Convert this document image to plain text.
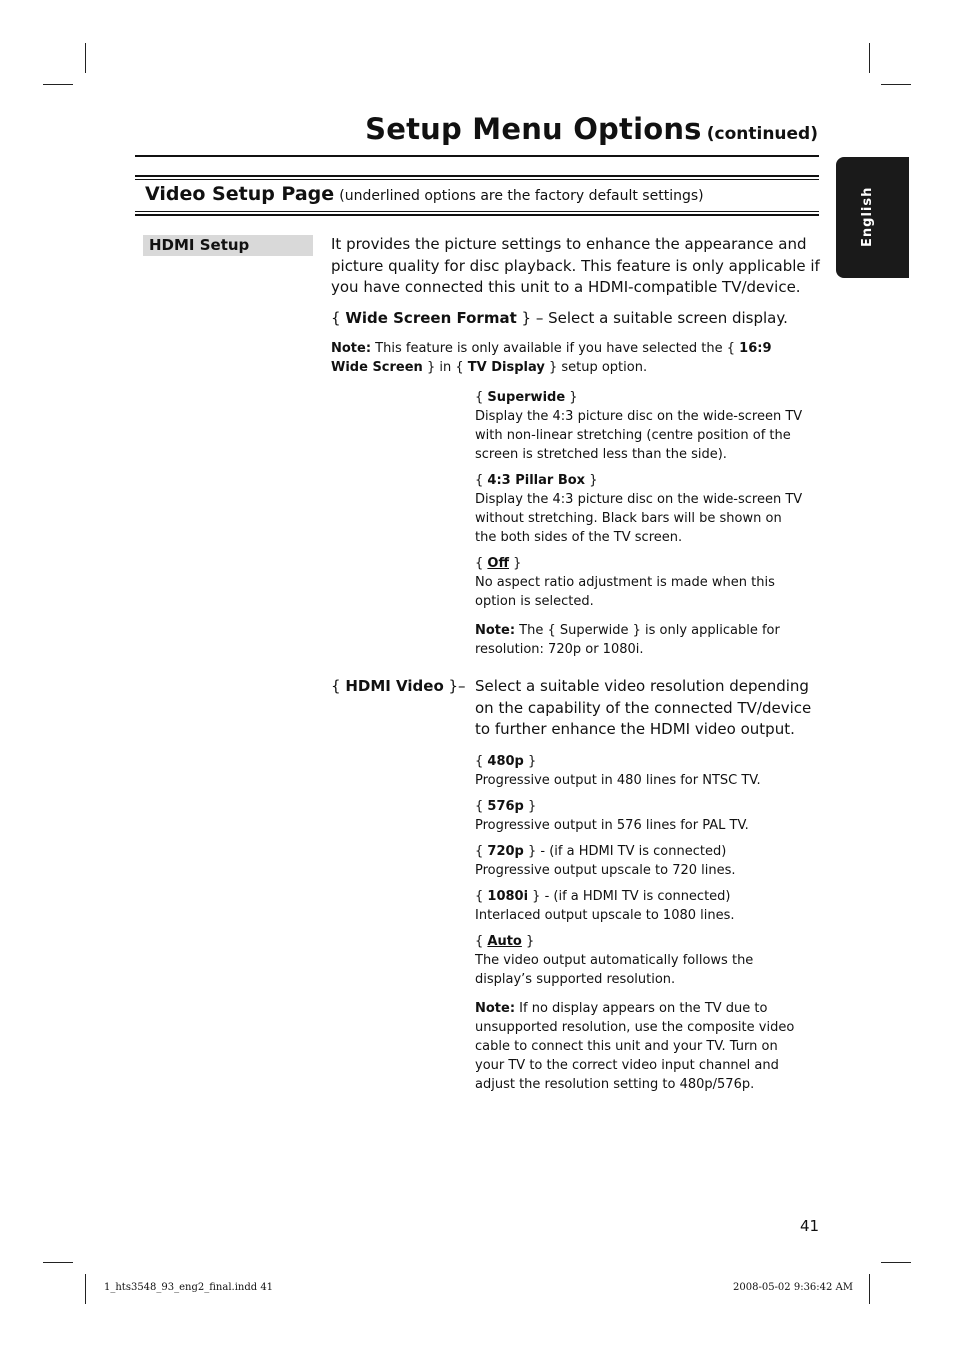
Setup Menu Options (continued)
Video Setup Page (underlined options are the factory default settings)	English
HDMI Setup	It provides the picture settings to enhance the appearance and
picture quality for disc playback. This feature is only applicable if
you have connected this unit to a HDMI-compatible TV/device.
{ Wide Screen Format } – Select a suitable screen display.
Note: This feature is only available if you have selected the { 16:9
Wide Screen } in { TV Display } setup option.
{ Superwide }
Display the 4:3 picture disc on the wide-screen TV
with non-linear stretching (centre position of the
screen is stretched less than the side).
{ 4:3 Pillar Box }
Display the 4:3 picture disc on the wide-screen TV
without stretching. Black bars will be shown on
the both sides of the TV screen.
{ Off }
No aspect ratio adjustment is made when this
option is selected.
Note: The { Superwide } is only applicable for
resolution: 720p or 1080i.
{ HDMI Video }– Select a suitable video resolution depending
on the capability of the connected TV/device
to further enhance the HDMI video output.
{ 480p }
Progressive output in 480 lines for NTSC TV.
{ 576p }
Progressive output in 576 lines for PAL TV.
{ 720p } - (if a HDMI TV is connected)
Progressive output upscale to 720 lines.
{ 1080i } - (if a HDMI TV is connected)
Interlaced output upscale to 1080 lines.
{ Auto }
The video output automatically follows the
display’s supported resolution.
Note: If no display appears on the TV due to
unsupported resolution, use the composite video
cable to connect this unit and your TV. Turn on
your TV to the correct video input channel and
adjust the resolution setting to 480p/576p.
41
1_hts3548_93_eng2_final.indd 41	2008-05-02 9:36:42 AM
